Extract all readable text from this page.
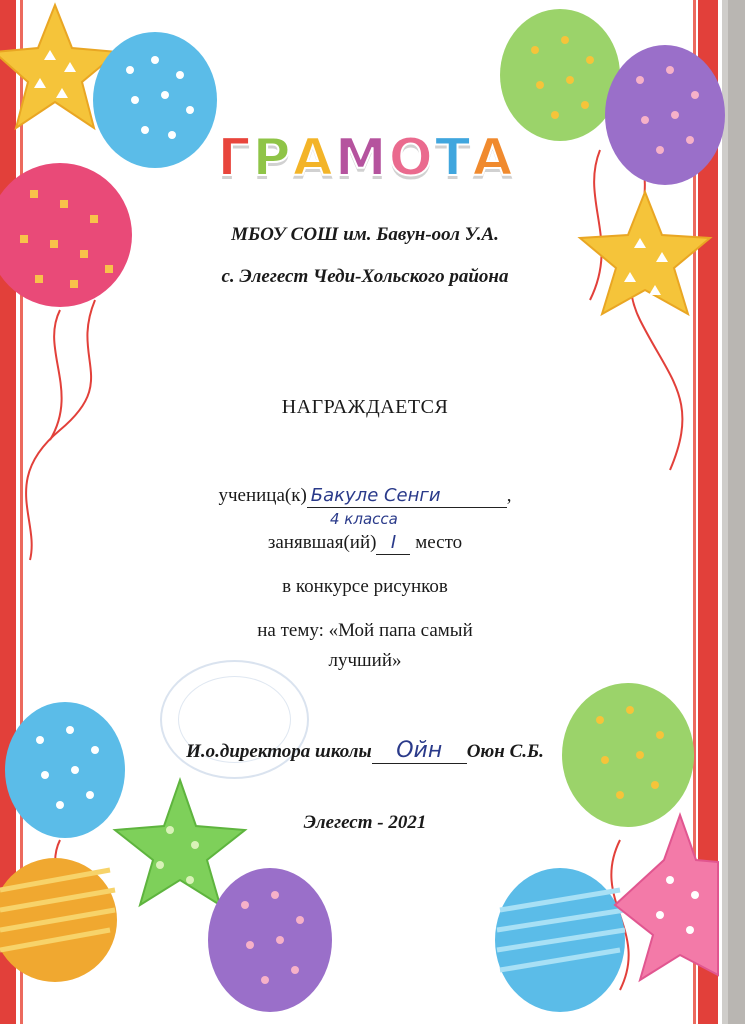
ГРАМОТА
МБОУ СОШ им. Бавун-оол У.А.
с. Элегест Чеди-Хольского района
НАГРАЖДАЕТСЯ
ученица(к) Бакуле Сенги	,
4 класса
занявшая(ий) I место
в конкурсе рисунков
на тему: «Мой папа самый
лучший»
И.о.директора школы Ойн Оюн С.Б.
Элегест - 2021
